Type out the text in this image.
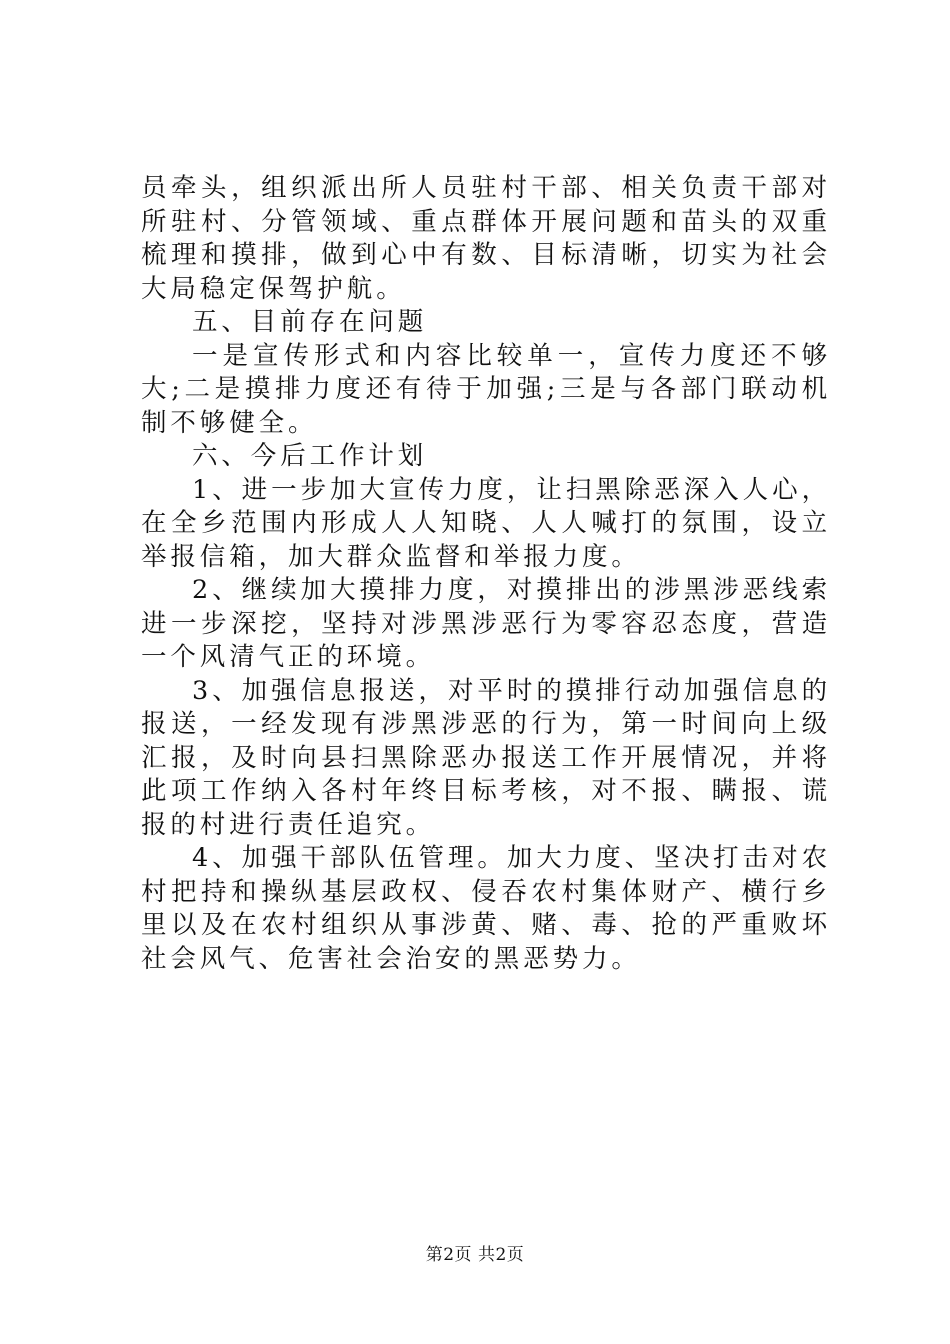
员牵头，组织派出所人员驻村干部、相关负责干部对所驻村、分管领域、重点群体开展问题和苗头的双重梳理和摸排，做到心中有数、目标清晰，切实为社会大局稳定保驾护航。

五、目前存在问题

一是宣传形式和内容比较单一，宣传力度还不够大;二是摸排力度还有待于加强;三是与各部门联动机制不够健全。

六、今后工作计划

1、进一步加大宣传力度，让扫黑除恶深入人心，在全乡范围内形成人人知晓、人人喊打的氛围，设立举报信箱，加大群众监督和举报力度。

2、继续加大摸排力度，对摸排出的涉黑涉恶线索进一步深挖，坚持对涉黑涉恶行为零容忍态度，营造一个风清气正的环境。

3、加强信息报送，对平时的摸排行动加强信息的报送，一经发现有涉黑涉恶的行为，第一时间向上级汇报，及时向县扫黑除恶办报送工作开展情况，并将此项工作纳入各村年终目标考核，对不报、瞒报、谎报的村进行责任追究。

4、加强干部队伍管理。加大力度、坚决打击对农村把持和操纵基层政权、侵吞农村集体财产、横行乡里以及在农村组织从事涉黄、赌、毒、抢的严重败坏社会风气、危害社会治安的黑恶势力。

第2页 共2页
